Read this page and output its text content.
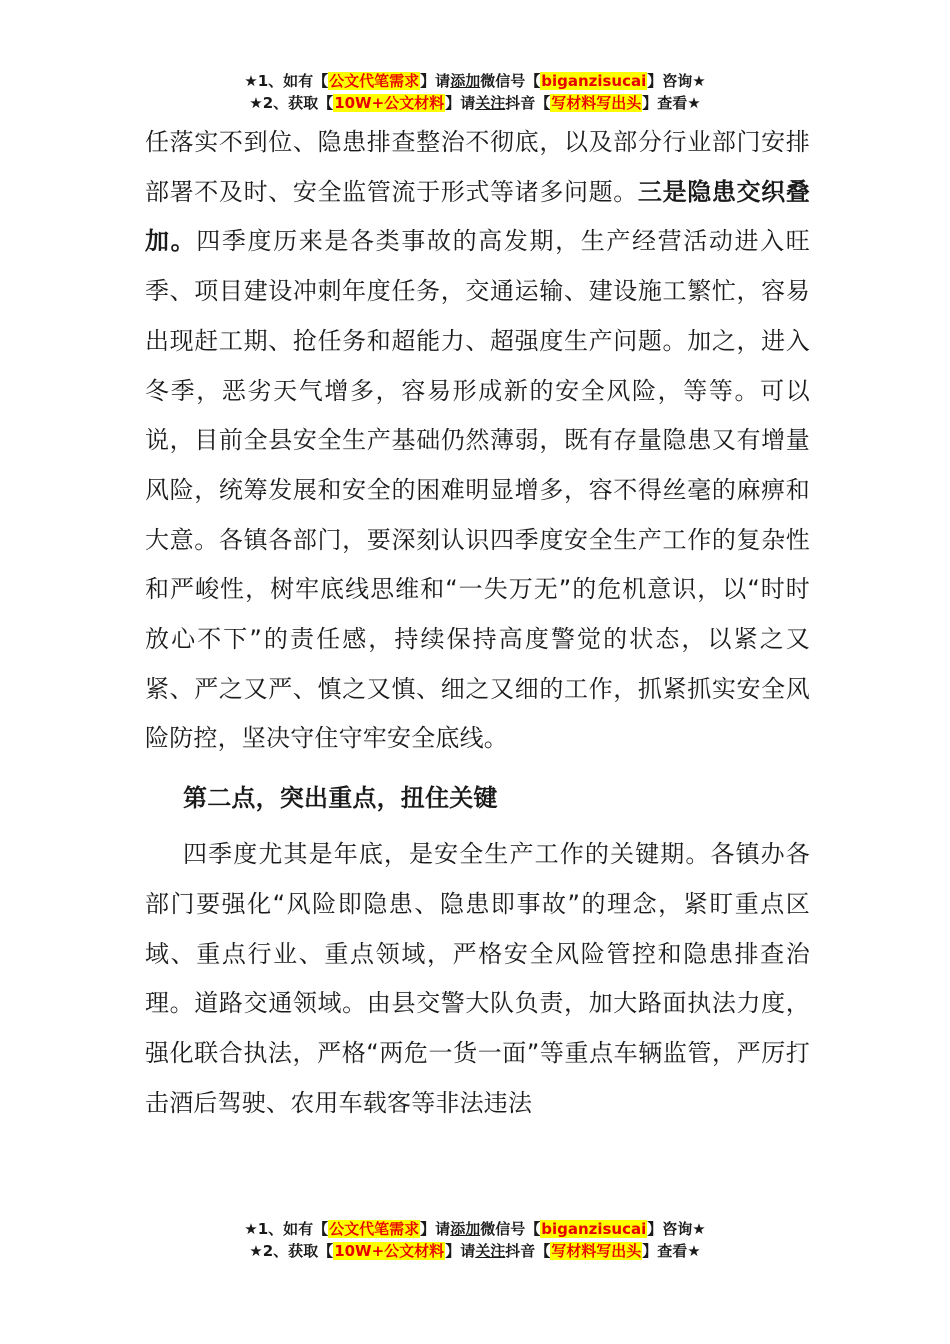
★1、如有【公文代笔需求】请添加微信号【biganzisucai】咨询★
★2、获取【10W+公文材料】请关注抖音【写材料写出头】查看★

任落实不到位、隐患排查整治不彻底，以及部分行业部门安排部署不及时、安全监管流于形式等诸多问题。三是隐患交织叠加。四季度历来是各类事故的高发期，生产经营活动进入旺季、项目建设冲刺年度任务，交通运输、建设施工繁忙，容易出现赶工期、抢任务和超能力、超强度生产问题。加之，进入冬季，恶劣天气增多，容易形成新的安全风险，等等。可以说，目前全县安全生产基础仍然薄弱，既有存量隐患又有增量风险，统筹发展和安全的困难明显增多，容不得丝毫的麻痹和大意。各镇各部门，要深刻认识四季度安全生产工作的复杂性和严峻性，树牢底线思维和“一失万无”的危机意识，以“时时放心不下”的责任感，持续保持高度警觉的状态，以紧之又紧、严之又严、慎之又慎、细之又细的工作，抓紧抓实安全风险防控，坚决守住守牢安全底线。

第二点，突出重点，扭住关键

四季度尤其是年底，是安全生产工作的关键期。各镇办各部门要强化“风险即隐患、隐患即事故”的理念，紧盯重点区域、重点行业、重点领域，严格安全风险管控和隐患排查治理。道路交通领域。由县交警大队负责，加大路面执法力度，强化联合执法，严格“两危一货一面”等重点车辆监管，严厉打击酒后驾驶、农用车载客等非法违法

★1、如有【公文代笔需求】请添加微信号【biganzisucai】咨询★
★2、获取【10W+公文材料】请关注抖音【写材料写出头】查看★
